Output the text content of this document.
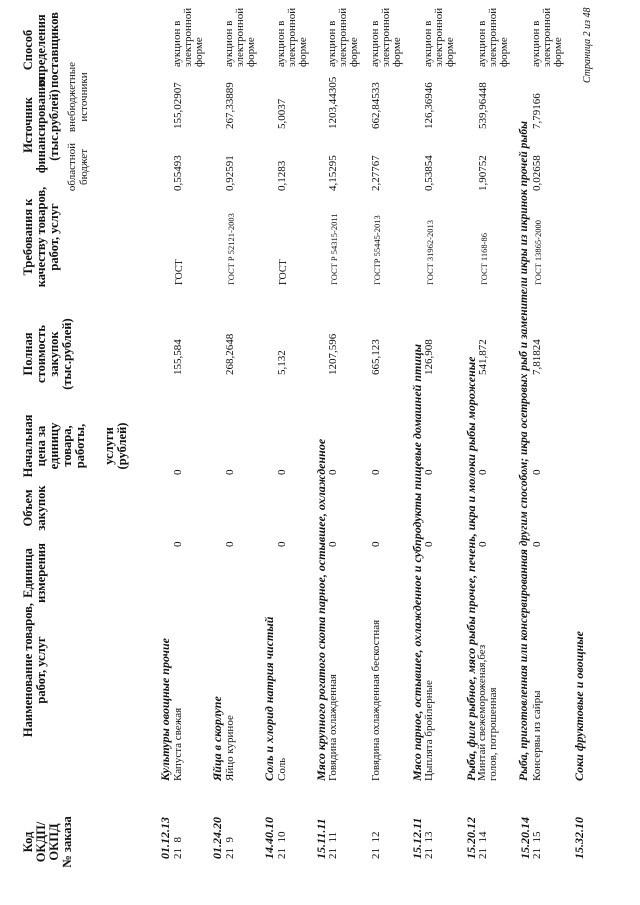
Код ОКДП/ ОКПД № заказа
Наименование товаров, работ, услуг
Единица измерения
Объем закупок
Начальная цена за единицу товара, работы, услуги (рублей)
Полная стоимость закупок (тыс.рублей)
Требования к качеству товаров, работ, услуг
Источник финансирования (тыс.рублей)
областной бюджет
внебюджетные источники
Способ определения поставщиков
01.12.13
Культуры овощные прочие
21  8
Капуста свежая
0
0
155,584
ГОСТ
0,55493
155,02907
аукцион в электронной форме
01.24.20
Яйца в скорлупе
21  9
Яйцо куриное
0
0
268,2648
ГОСТ Р 52121-2003
0,92591
267,33889
аукцион в электронной форме
14.40.10
Соль и хлорид натрия чистый
21  10
Соль
0
0
5,132
ГОСТ
0,1283
5,0037
аукцион в электронной форме
15.11.11
Мясо крупного рогатого скота парное, остывшее, охлажденное
21  11
Говядина охлажденная
0
0
1207,596
ГОСТ Р 54315-2011
4,15295
1203,44305
аукцион в электронной форме
21  12
Говядина охлажденная бескостная
0
0
665,123
ГОСТР 55445-2013
2,27767
662,84533
аукцион в электронной форме
15.12.11
Мясо парное, остывшее, охлажденное и субпродукты пищевые домашней птицы
21  13
Цыплята бройлерные
0
0
126,908
ГОСТ 31962-2013
0,53854
126,36946
аукцион в электронной форме
15.20.12
Рыба, филе рыбное, мясо рыбы прочее, печень, икра и молоки рыбы мороженые
21  14
Минтай свежемороженая,без голов, потрошенная
0
0
541,872
ГОСТ 1168-86
1,90752
539,96448
аукцион в электронной форме
15.20.14
Рыба, приготовленная или консервированная другим способом; икра осетровых рыб и заменители икры из икринок прочей рыбы
21  15
Консервы из сайры
0
0
7,81824
ГОСТ 13865-2000
0,02658
7,79166
аукцион в электронной форме
15.32.10
Соки фруктовые и овощные
Страница 2 из 48
